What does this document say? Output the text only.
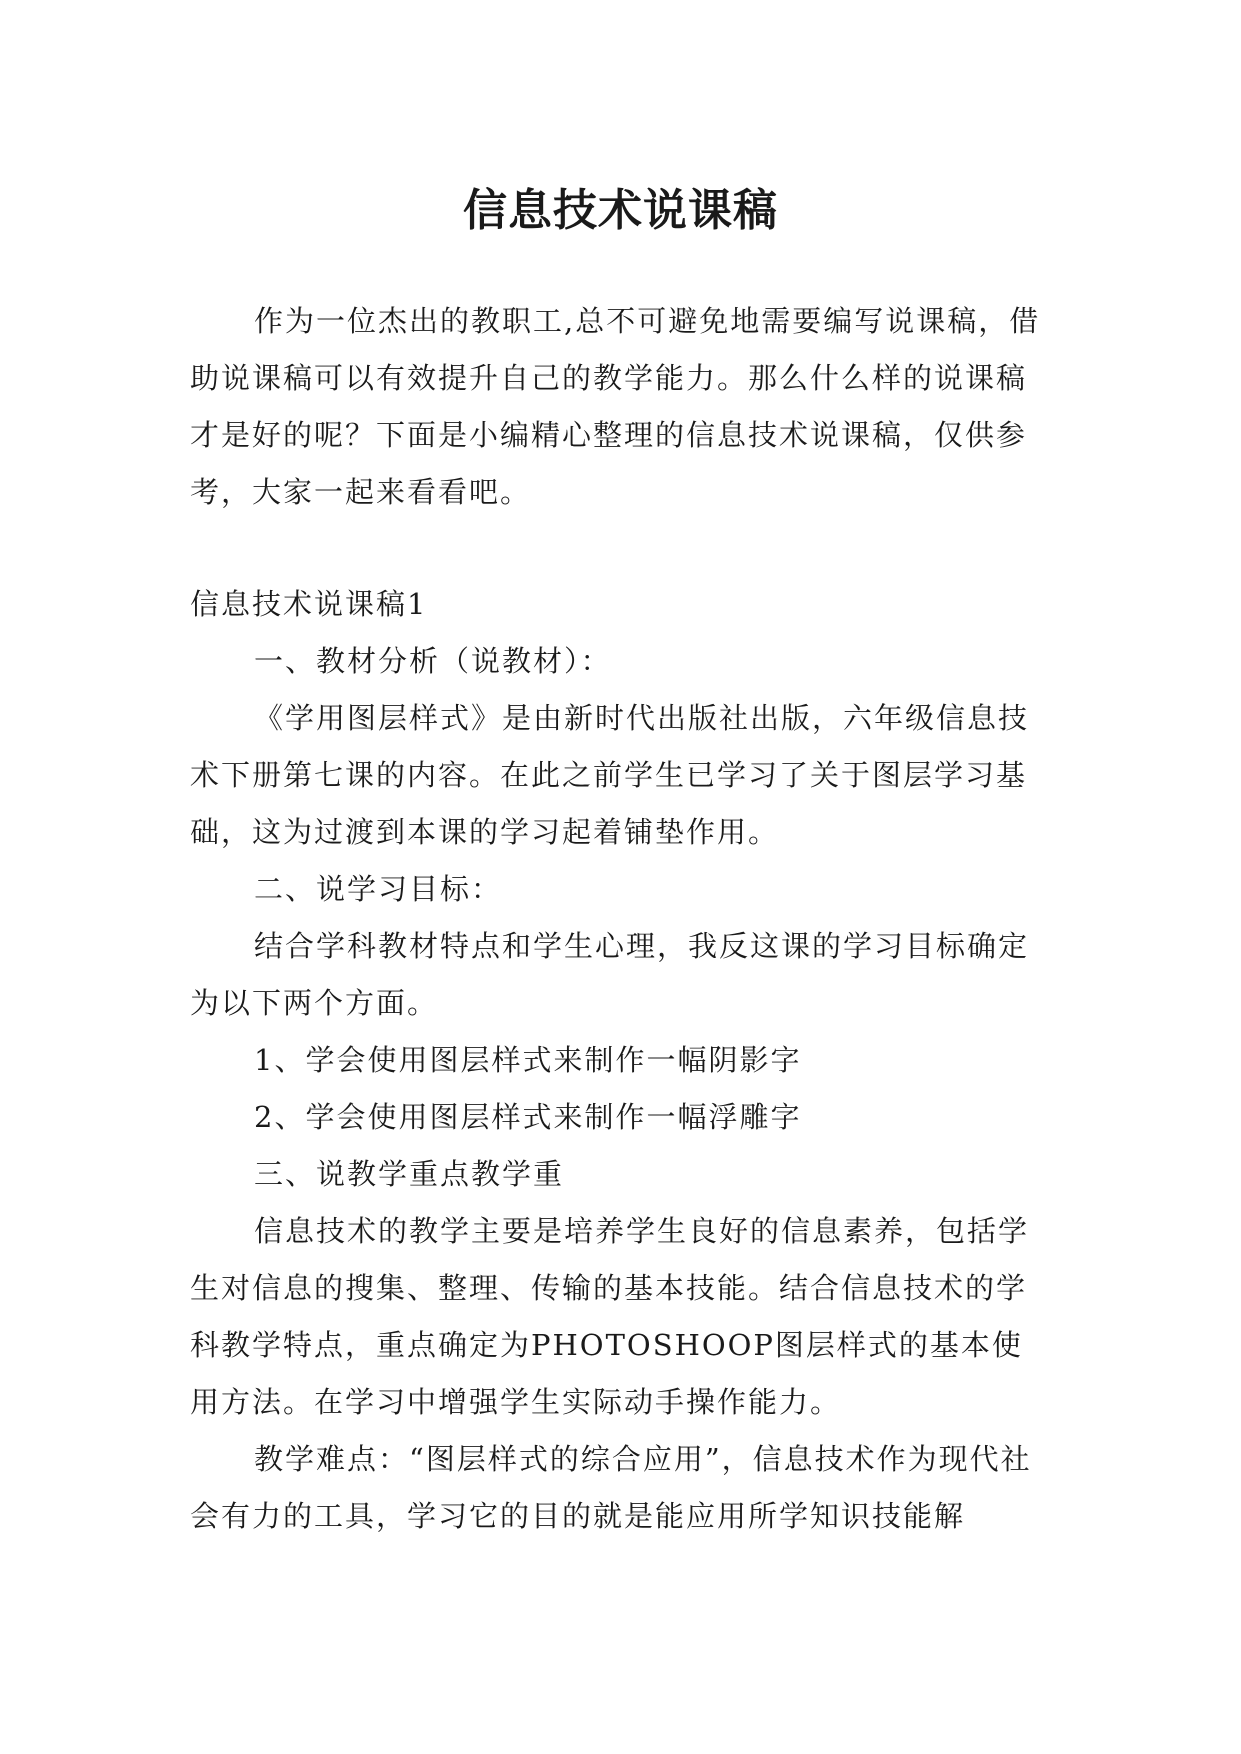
信息技术说课稿

作为一位杰出的教职工,总不可避免地需要编写说课稿，借助说课稿可以有效提升自己的教学能力。那么什么样的说课稿才是好的呢？下面是小编精心整理的信息技术说课稿，仅供参考，大家一起来看看吧。

信息技术说课稿1

一、教材分析（说教材）：

《学用图层样式》是由新时代出版社出版，六年级信息技术下册第七课的内容。在此之前学生已学习了关于图层学习基础，这为过渡到本课的学习起着铺垫作用。

二、说学习目标：

结合学科教材特点和学生心理，我反这课的学习目标确定为以下两个方面。

1、学会使用图层样式来制作一幅阴影字

2、学会使用图层样式来制作一幅浮雕字

三、说教学重点教学重

信息技术的教学主要是培养学生良好的信息素养，包括学生对信息的搜集、整理、传输的基本技能。结合信息技术的学科教学特点，重点确定为PHOTOSHOOP图层样式的基本使用方法。在学习中增强学生实际动手操作能力。

教学难点：“图层样式的综合应用”，信息技术作为现代社会有力的工具，学习它的目的就是能应用所学知识技能解
